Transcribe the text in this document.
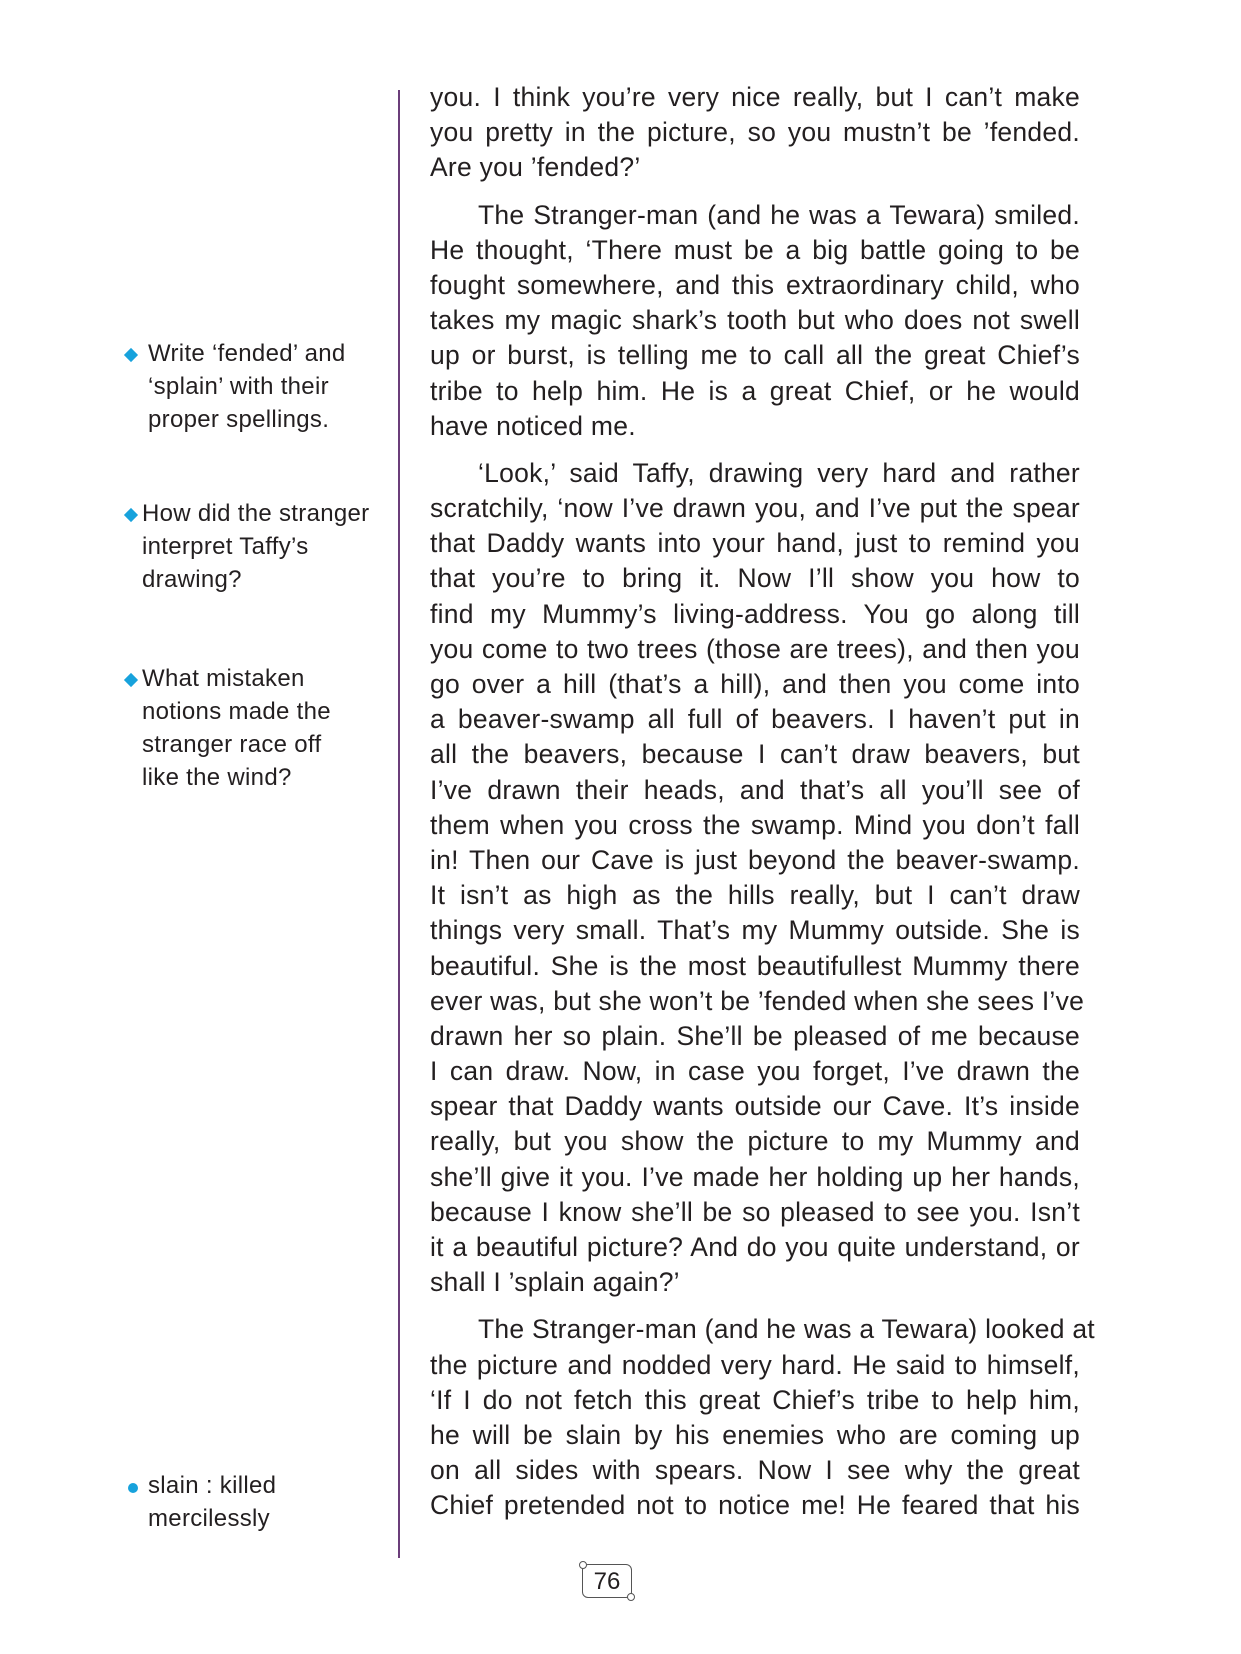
Write ‘fended’ and
‘splain’ with their
proper spellings.
How did the stranger
interpret Taffy’s
drawing?
What mistaken
notions made the
stranger race off
like the wind?
slain : killed
mercilessly
you. I think you’re very nice really, but I can’t make
you pretty in the picture, so you mustn’t be ’fended.
Are you ’fended?’
The Stranger-man (and he was a Tewara) smiled.
He thought, ‘There must be a big battle going to be
fought somewhere, and this extraordinary child, who
takes my magic shark’s tooth but who does not swell
up or burst, is telling me to call all the great Chief’s
tribe to help him. He is a great Chief, or he would
have noticed me.
‘Look,’ said Taffy, drawing very hard and rather
scratchily, ‘now I’ve drawn you, and I’ve put the spear
that Daddy wants into your hand, just to remind you
that you’re to bring it. Now I’ll show you how to
find my Mummy’s living-address. You go along till
you come to two trees (those are trees), and then you
go over a hill (that’s a hill), and then you come into
a beaver-swamp all full of beavers. I haven’t put in
all the beavers, because I can’t draw beavers, but
I’ve drawn their heads, and that’s all you’ll see of
them when you cross the swamp. Mind you don’t fall
in! Then our Cave is just beyond the beaver-swamp.
It isn’t as high as the hills really, but I can’t draw
things very small. That’s my Mummy outside. She is
beautiful. She is the most beautifullest Mummy there
ever was, but she won’t be ’fended when she sees I’ve
drawn her so plain. She’ll be pleased of me because
I can draw. Now, in case you forget, I’ve drawn the
spear that Daddy wants outside our Cave. It’s inside
really, but you show the picture to my Mummy and
she’ll give it you. I’ve made her holding up her hands,
because I know she’ll be so pleased to see you. Isn’t
it a beautiful picture? And do you quite understand, or
shall I ’splain again?’
The Stranger-man (and he was a Tewara) looked at
the picture and nodded very hard. He said to himself,
‘If I do not fetch this great Chief’s tribe to help him,
he will be slain by his enemies who are coming up
on all sides with spears. Now I see why the great
Chief pretended not to notice me! He feared that his
76
